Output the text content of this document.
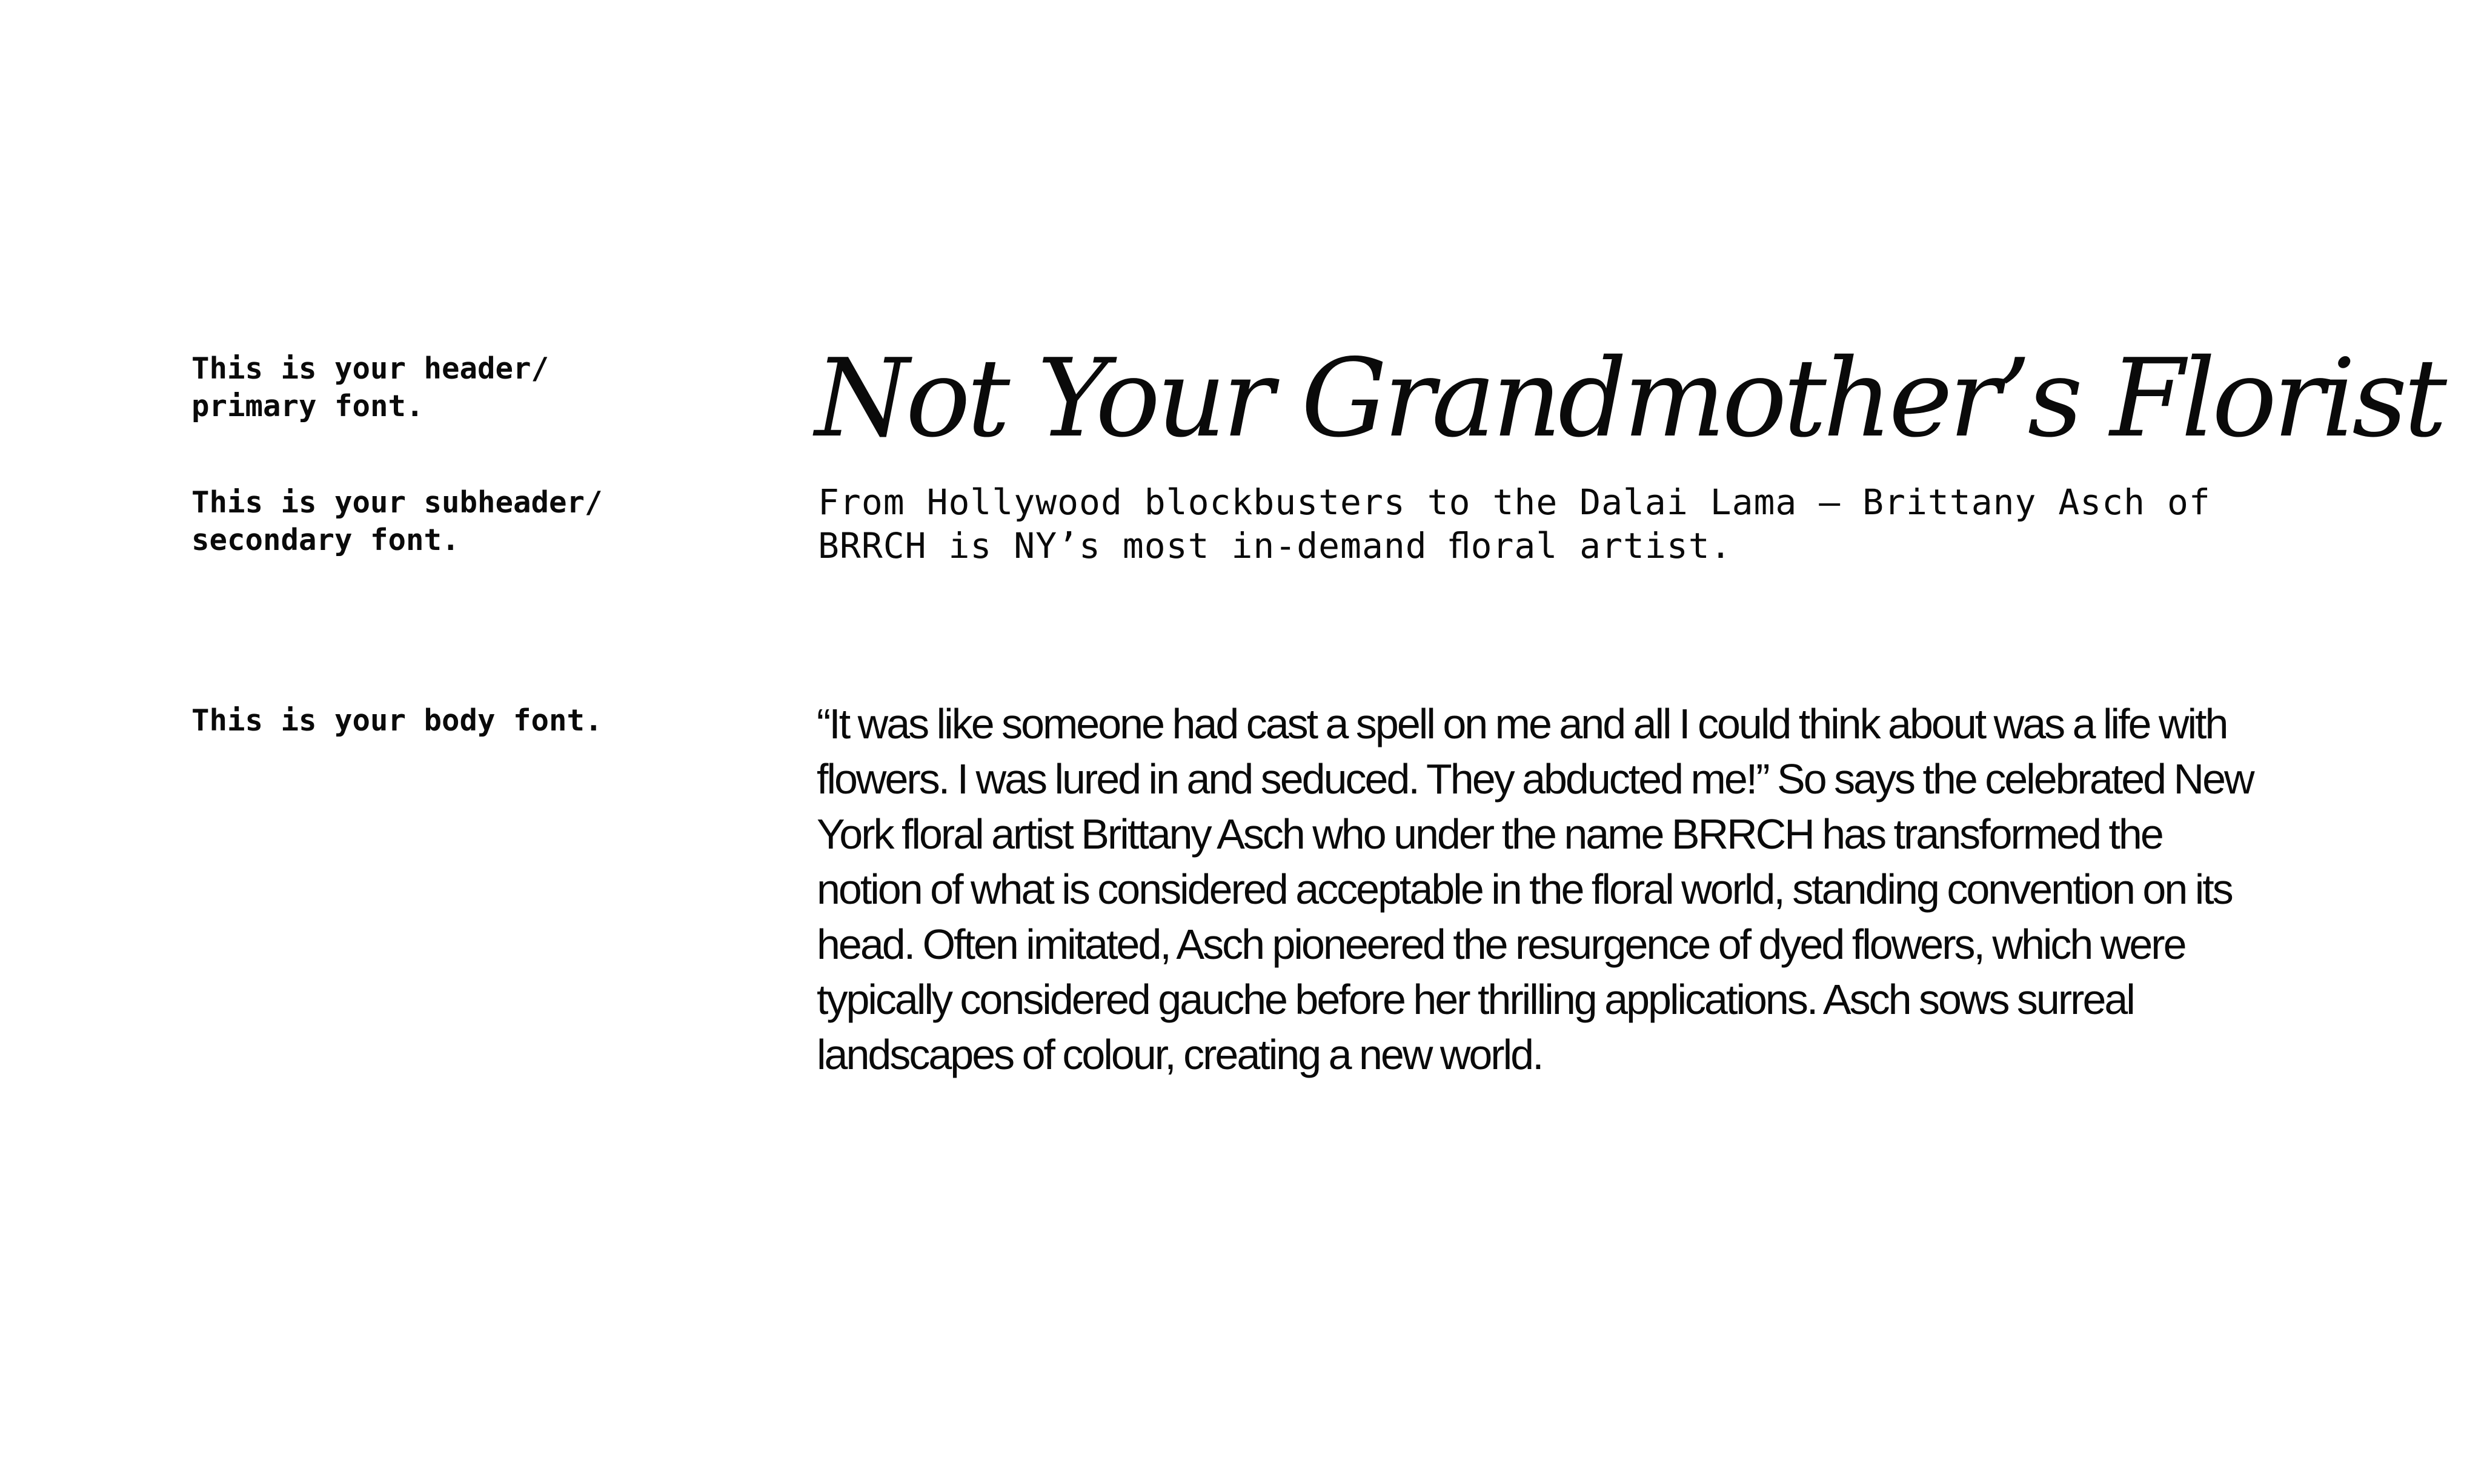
This is your header/
primary font.

This is your subheader/
secondary font.

This is your body font.

Not Your Grandmother’s Florist

From Hollywood blockbusters to the Dalai Lama – Brittany Asch of BRRCH is NY’s most in-demand ﬂoral artist.

“It was like someone had cast a spell on me and all I could think about was a life with flowers. I was lured in and seduced. They abducted me!” So says the celebrated New York floral artist Brittany Asch who under the name BRRCH has transformed the notion of what is considered acceptable in the floral world, standing convention on its head. Often imitated, Asch pioneered the resurgence of dyed flowers, which were typically considered gauche before her thrilling applications. Asch sows surreal landscapes of colour, creating a new world.
